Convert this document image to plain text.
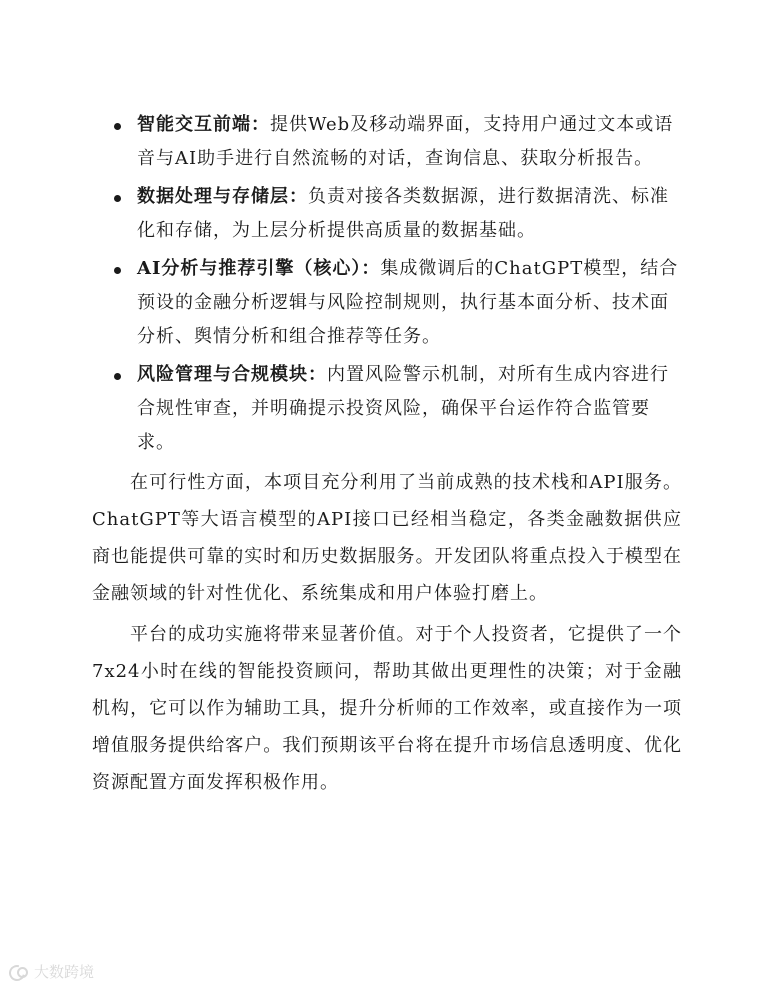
智能交互前端：提供Web及移动端界面，支持用户通过文本或语音与AI助手进行自然流畅的对话，查询信息、获取分析报告。
数据处理与存储层：负责对接各类数据源，进行数据清洗、标准化和存储，为上层分析提供高质量的数据基础。
AI分析与推荐引擎（核心）：集成微调后的ChatGPT模型，结合预设的金融分析逻辑与风险控制规则，执行基本面分析、技术面分析、舆情分析和组合推荐等任务。
风险管理与合规模块：内置风险警示机制，对所有生成内容进行合规性审查，并明确提示投资风险，确保平台运作符合监管要求。

在可行性方面，本项目充分利用了当前成熟的技术栈和API服务。ChatGPT等大语言模型的API接口已经相当稳定，各类金融数据供应商也能提供可靠的实时和历史数据服务。开发团队将重点投入于模型在金融领域的针对性优化、系统集成和用户体验打磨上。

平台的成功实施将带来显著价值。对于个人投资者，它提供了一个7x24小时在线的智能投资顾问，帮助其做出更理性的决策；对于金融机构，它可以作为辅助工具，提升分析师的工作效率，或直接作为一项增值服务提供给客户。我们预期该平台将在提升市场信息透明度、优化资源配置方面发挥积极作用。

大数跨境
